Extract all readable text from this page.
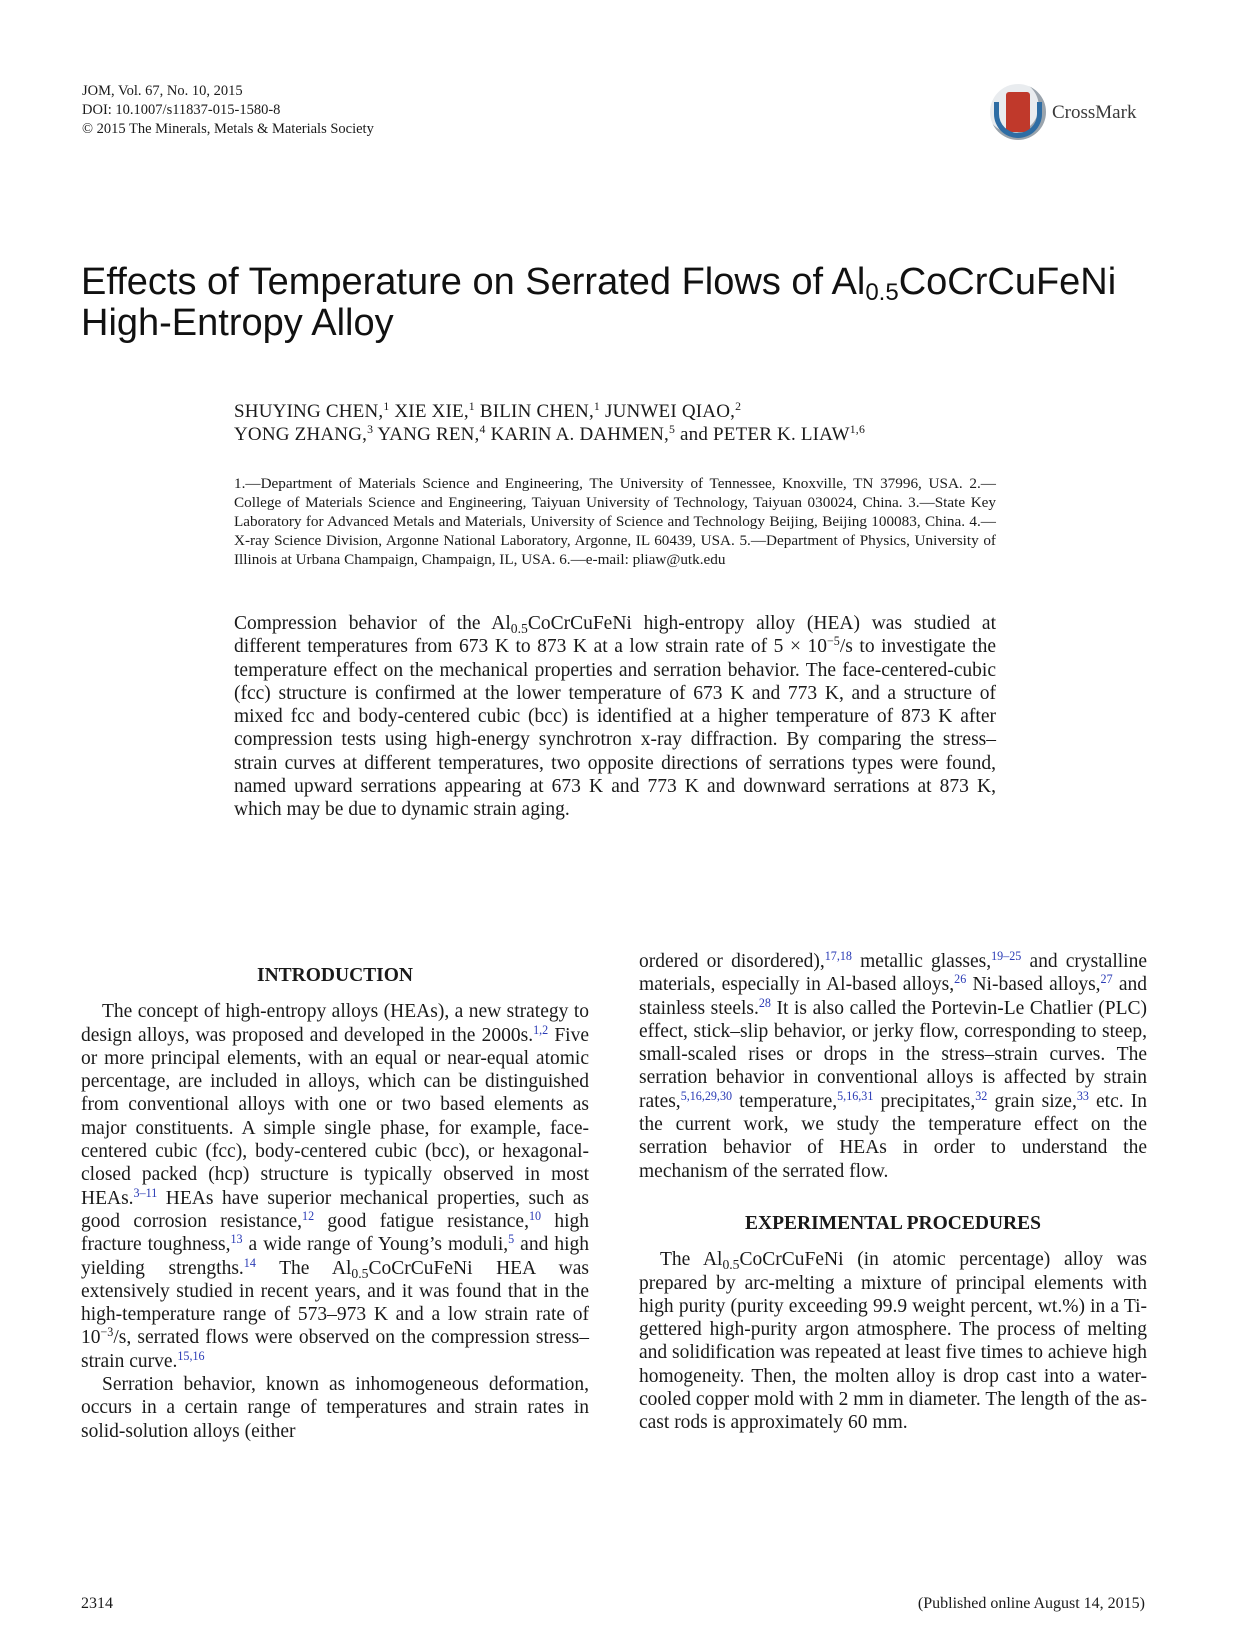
JOM, Vol. 67, No. 10, 2015
DOI: 10.1007/s11837-015-1580-8
© 2015 The Minerals, Metals & Materials Society
CrossMark
Effects of Temperature on Serrated Flows of $Al_{0.5}CoCrCuFeNi$
High-Entropy Alloy
SHUYING CHEN,$^1$ XIE XIE,$^1$ BILIN CHEN,$^1$ JUNWEI QIAO,$^2$
YONG ZHANG,$^3$ YANG REN,$^4$ KARIN A. DAHMEN,$^5$ and PETER K. LIAW$^{1,6}$
1.—Department of Materials Science and Engineering, The University of Tennessee, Knoxville, TN 37996, USA. 2.—College of Materials Science and Engineering, Taiyuan University of Technology, Taiyuan 030024, China. 3.—State Key Laboratory for Advanced Metals and Materials, University of Science and Technology Beijing, Beijing 100083, China. 4.—X-ray Science Division, Argonne National Laboratory, Argonne, IL 60439, USA. 5.—Department of Physics, University of Illinois at Urbana Champaign, Champaign, IL, USA. 6.—e-mail: pliaw@utk.edu
Compression behavior of the $Al_{0.5}CoCrCuFeNi$ high-entropy alloy (HEA) was studied at different temperatures from 673 K to 873 K at a low strain rate of $5 \times 10^{-5}/s$ to investigate the temperature effect on the mechanical properties and serration behavior. The face-centered-cubic (fcc) structure is confirmed at the lower temperature of 673 K and 773 K, and a structure of mixed fcc and body-centered cubic (bcc) is identified at a higher temperature of 873 K after compression tests using high-energy synchrotron x-ray diffraction. By comparing the stress–strain curves at different temperatures, two opposite directions of serrations types were found, named upward serrations appearing at 673 K and 773 K and downward serrations at 873 K, which may be due to dynamic strain aging.
INTRODUCTION

The concept of high-entropy alloys (HEAs), a new strategy to design alloys, was proposed and developed in the 2000s.$^{1,2}$ Five or more principal elements, with an equal or near-equal atomic percentage, are included in alloys, which can be distinguished from conventional alloys with one or two based elements as major constituents. A simple single phase, for example, face-centered cubic (fcc), body-centered cubic (bcc), or hexagonal-closed packed (hcp) structure is typically observed in most HEAs.$^{3-11}$ HEAs have superior mechanical properties, such as good corrosion resistance,$^{12}$ good fatigue resistance,$^{10}$ high fracture toughness,$^{13}$ a wide range of Young’s moduli,$^5$ and high yielding strengths.$^{14}$ The $Al_{0.5}CoCrCuFeNi$ HEA was extensively studied in recent years, and it was found that in the high-temperature range of 573–973 K and a low strain rate of $10^{-3}/s$, serrated flows were observed on the compression stress–strain curve.$^{15,16}$

Serration behavior, known as inhomogeneous deformation, occurs in a certain range of temperatures and strain rates in solid-solution alloys (either

ordered or disordered),$^{17,18}$ metallic glasses,$^{19-25}$ and crystalline materials, especially in Al-based alloys,$^{26}$ Ni-based alloys,$^{27}$ and stainless steels.$^{28}$ It is also called the Portevin-Le Chatlier (PLC) effect, stick–slip behavior, or jerky flow, corresponding to steep, small-scaled rises or drops in the stress–strain curves. The serration behavior in conventional alloys is affected by strain rates,$^{5,16,29,30}$ temperature,$^{5,16,31}$ precipitates,$^{32}$ grain size,$^{33}$ etc. In the current work, we study the temperature effect on the serration behavior of HEAs in order to understand the mechanism of the serrated flow.

EXPERIMENTAL PROCEDURES

The $Al_{0.5}CoCrCuFeNi$ (in atomic percentage) alloy was prepared by arc-melting a mixture of principal elements with high purity (purity exceeding 99.9 weight percent, wt.%) in a Ti-gettered high-purity argon atmosphere. The process of melting and solidification was repeated at least five times to achieve high homogeneity. Then, the molten alloy is drop cast into a water-cooled copper mold with 2 mm in diameter. The length of the as-cast rods is approximately 60 mm.

2314	(Published online August 14, 2015)
